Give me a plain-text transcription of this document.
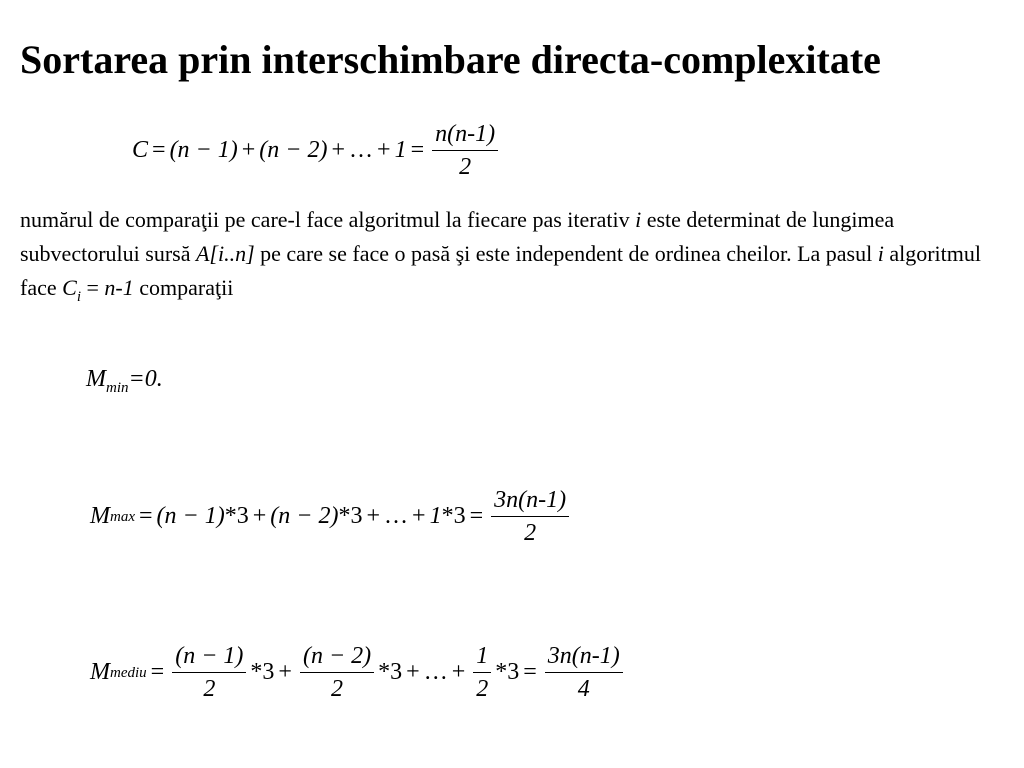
Sortarea prin interschimbare directa-complexitate
C = (n − 1) + (n − 2) + … + $1 = \frac{n(n-1)}{2}$

numărul de comparaţii pe care-l face algoritmul la fiecare pas iterativ i este determinat de lungimea subvectorului sursă A[i..n] pe care se face o pasă şi este independent de ordinea cheilor. La pasul i algoritmul face $C_i = n-1$ comparaţii

$M_{min}=0$.
M max = (n − 1) *3 + (n − 2) *3 + … + 1 $*3 = \frac{3n(n-1)}{2}$
M mediu = $\frac{(n - 1)}{2} *3 + \frac{(n - 2)}{2} *3$ + … + $\frac{1}{2} *3 = \frac{3n(n-1)}{4}$
